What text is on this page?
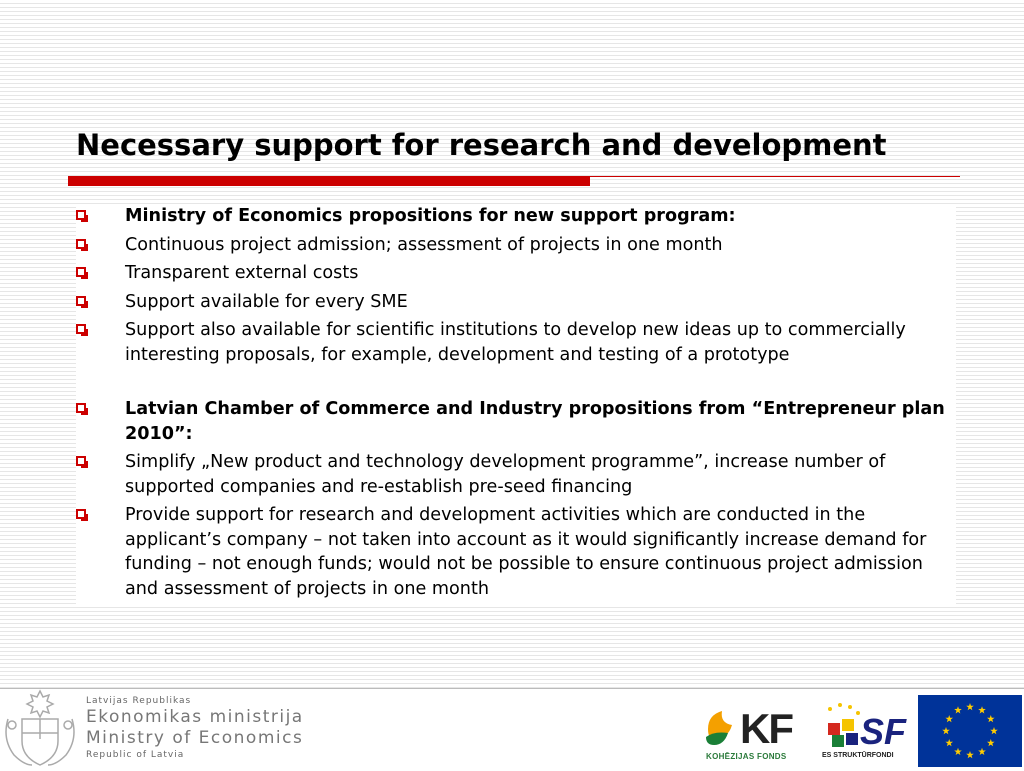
Necessary support for research and development
Ministry of Economics propositions for new support program:
Continuous project admission; assessment of projects in one month
Transparent external costs
Support available for every SME
Support also available for scientific institutions to develop new ideas up to commercially interesting proposals, for example, development and testing of a prototype
Latvian Chamber of Commerce and Industry propositions from “Entrepreneur plan 2010”:
Simplify „New product and technology development programme”, increase number of supported companies and re-establish pre-seed financing
Provide support for research and development activities which are conducted in the applicant’s company – not taken into account as it would significantly increase demand for funding – not enough funds; would not be possible to ensure continuous project admission and assessment of projects in one month
Latvijas Republikas
Ekonomikas ministrija
Ministry of Economics
Republic of Latvia
KF
KOHĒZIJAS FONDS
SF
ES STRUKTŪRFONDI
